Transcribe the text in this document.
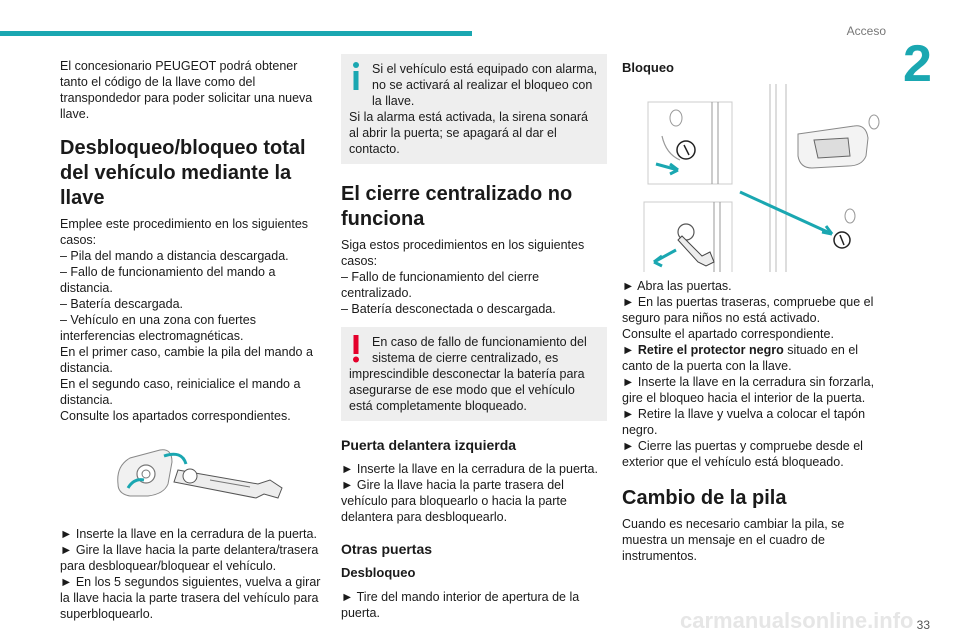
Acceso
2

El concesionario PEUGEOT podrá obtener tanto el código de la llave como del transpondedor para poder solicitar una nueva llave.

Desbloqueo/bloqueo total del vehículo mediante la llave

Emplee este procedimiento en los siguientes casos:

– Pila del mando a distancia descargada.

– Fallo de funcionamiento del mando a distancia.

– Batería descargada.

– Vehículo en una zona con fuertes interferencias electromagnéticas.

En el primer caso, cambie la pila del mando a distancia.

En el segundo caso, reinicialice el mando a distancia.

Consulte los apartados correspondientes.

► Inserte la llave en la cerradura de la puerta.

► Gire la llave hacia la parte delantera/trasera para desbloquear/bloquear el vehículo.

► En los 5 segundos siguientes, vuelva a girar la llave hacia la parte trasera del vehículo para superbloquearlo.

Si el vehículo está equipado con alarma, no se activará al realizar el bloqueo con la llave.
Si la alarma está activada, la sirena sonará al abrir la puerta; se apagará al dar el contacto.
El cierre centralizado no funciona

Siga estos procedimientos en los siguientes casos:

– Fallo de funcionamiento del cierre centralizado.

– Batería desconectada o descargada.

En caso de fallo de funcionamiento del sistema de cierre centralizado, es
imprescindible desconectar la batería para asegurarse de ese modo que el vehículo está completamente bloqueado.
Puerta delantera izquierda

► Inserte la llave en la cerradura de la puerta.

► Gire la llave hacia la parte trasera del vehículo para bloquearlo o hacia la parte delantera para desbloquearlo.

Otras puertas
Desbloqueo

► Tire del mando interior de apertura de la puerta.

Bloqueo

► Abra las puertas.

► En las puertas traseras, compruebe que el seguro para niños no está activado.

Consulte el apartado correspondiente.

► Retire el protector negro situado en el canto de la puerta con la llave.

► Inserte la llave en la cerradura sin forzarla, gire el bloqueo hacia el interior de la puerta.

► Retire la llave y vuelva a colocar el tapón negro.

► Cierre las puertas y compruebe desde el exterior que el vehículo está bloqueado.

Cambio de la pila

Cuando es necesario cambiar la pila, se muestra un mensaje en el cuadro de instrumentos.

carmanualsonline.info 33
